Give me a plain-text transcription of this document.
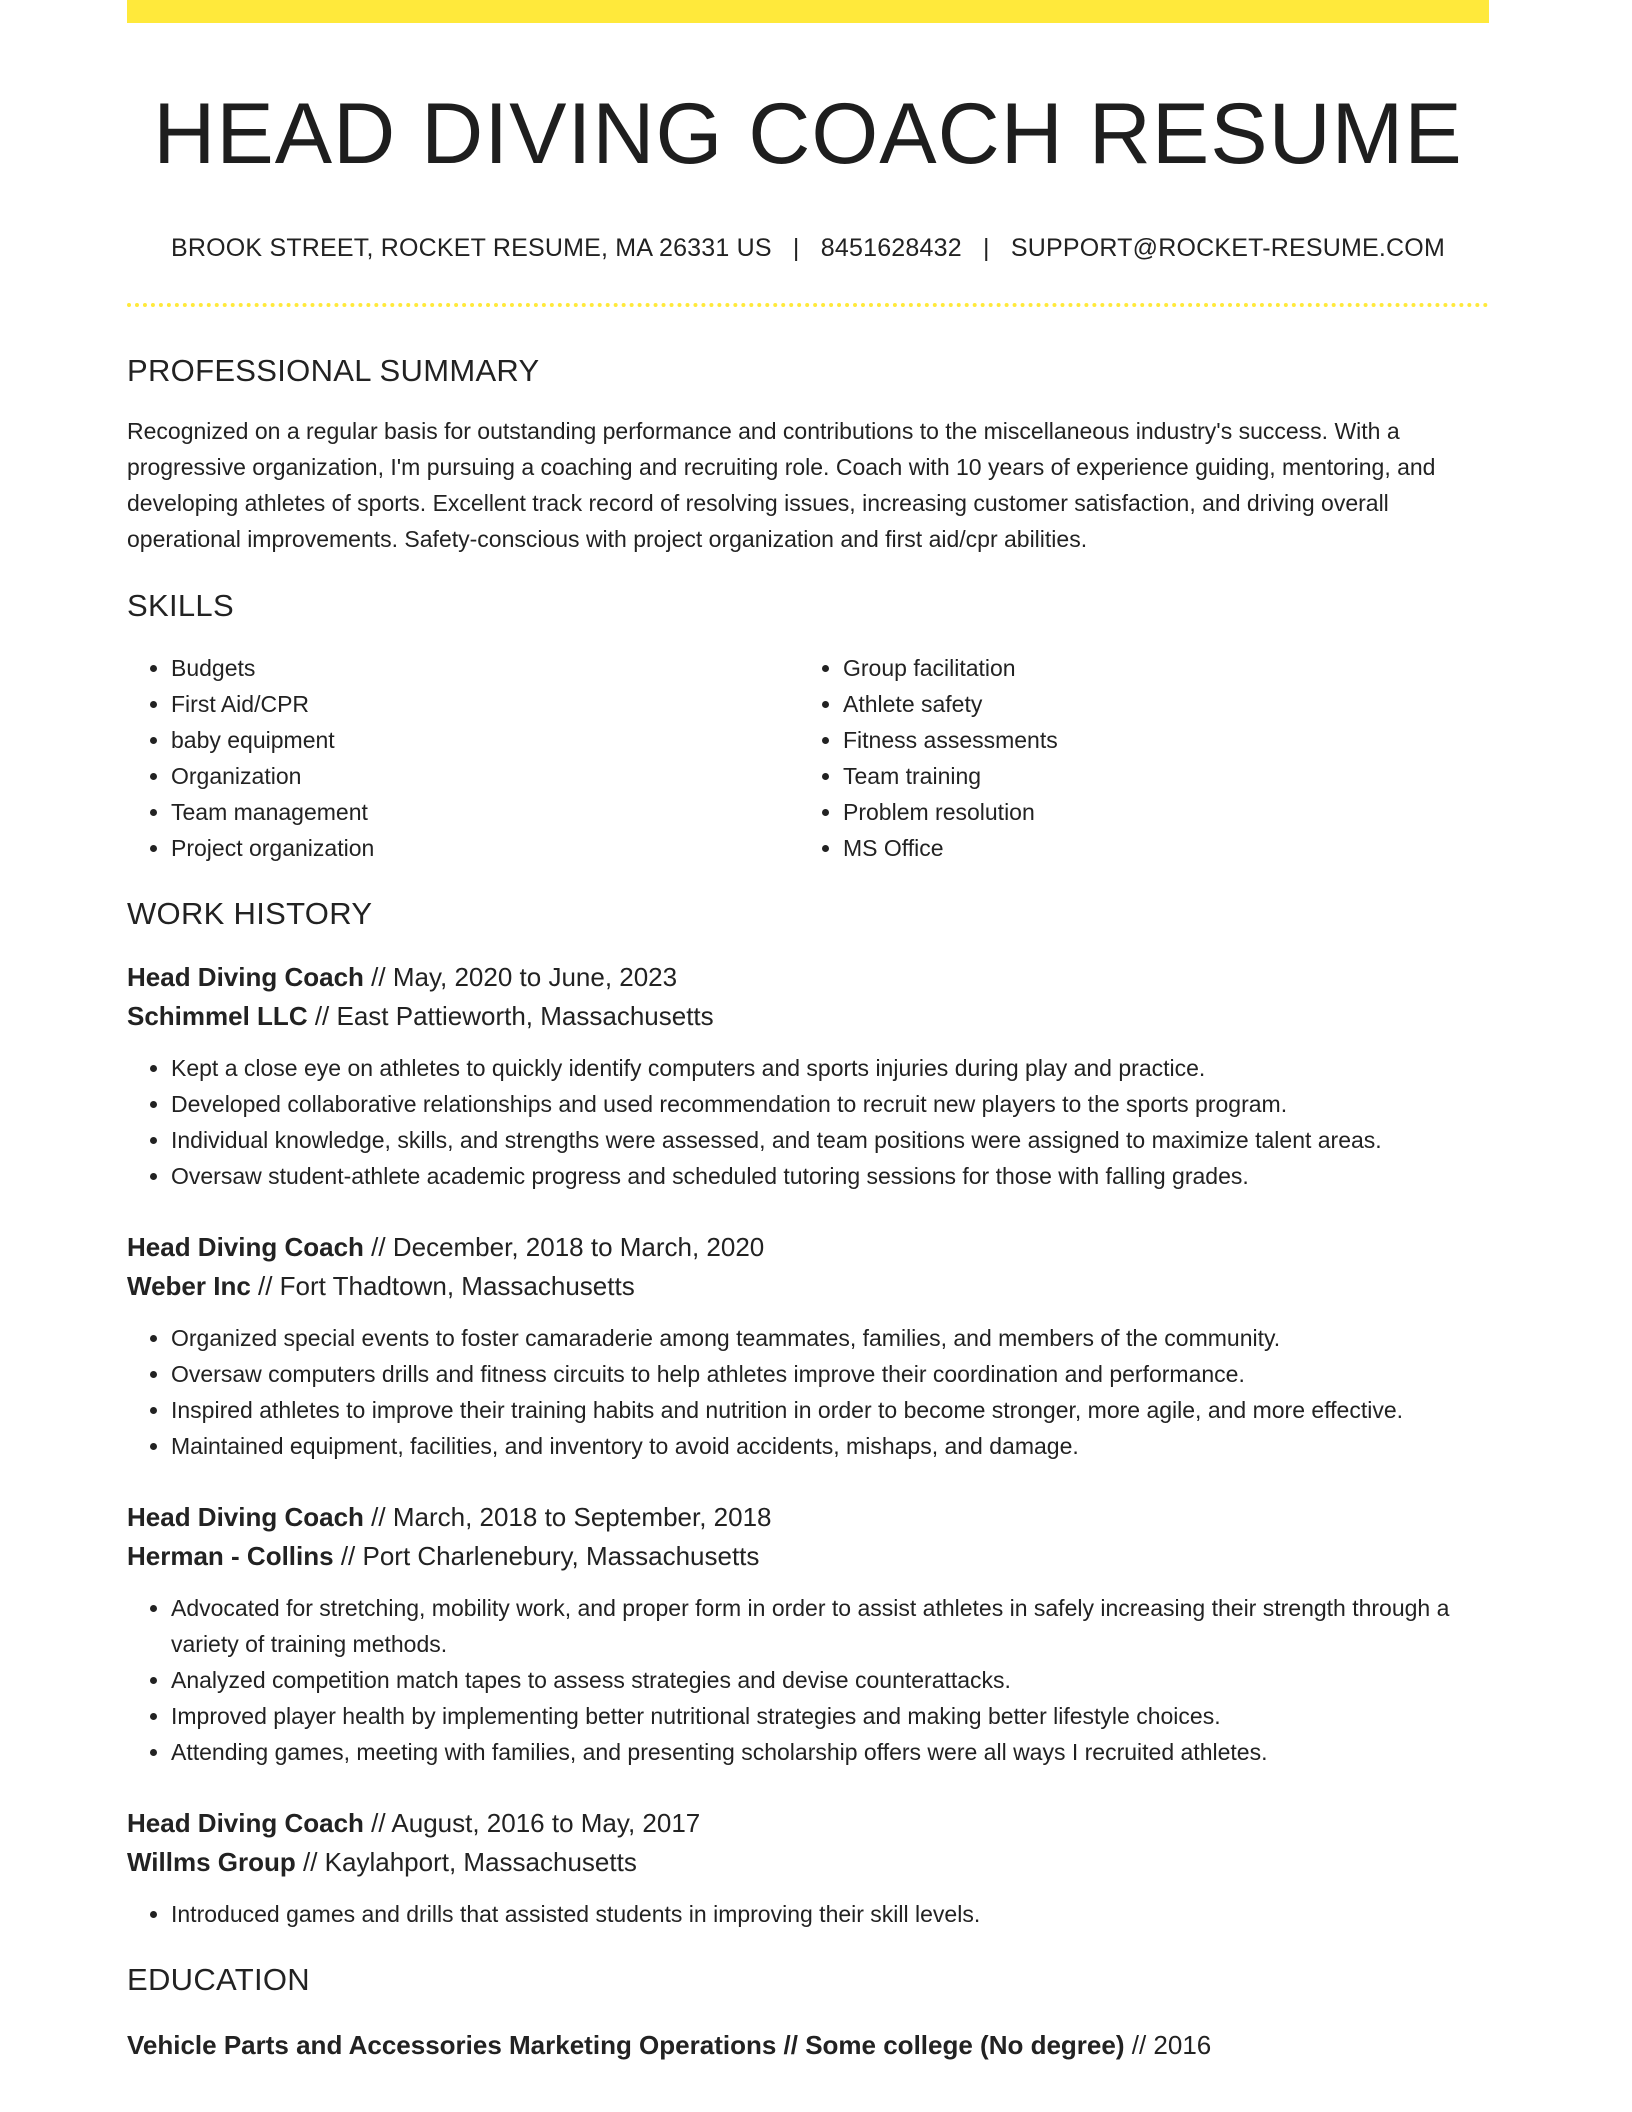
HEAD DIVING COACH RESUME
BROOK STREET, ROCKET RESUME, MA 26331 US | 8451628432 | SUPPORT@ROCKET-RESUME.COM
PROFESSIONAL SUMMARY
Recognized on a regular basis for outstanding performance and contributions to the miscellaneous industry's success. With a progressive organization, I'm pursuing a coaching and recruiting role. Coach with 10 years of experience guiding, mentoring, and developing athletes of sports. Excellent track record of resolving issues, increasing customer satisfaction, and driving overall operational improvements. Safety-conscious with project organization and first aid/cpr abilities.
SKILLS
• Budgets
• First Aid/CPR
• baby equipment
• Organization
• Team management
• Project organization
• Group facilitation
• Athlete safety
• Fitness assessments
• Team training
• Problem resolution
• MS Office
WORK HISTORY
Head Diving Coach // May, 2020 to June, 2023
Schimmel LLC // East Pattieworth, Massachusetts
• Kept a close eye on athletes to quickly identify computers and sports injuries during play and practice.
• Developed collaborative relationships and used recommendation to recruit new players to the sports program.
• Individual knowledge, skills, and strengths were assessed, and team positions were assigned to maximize talent areas.
• Oversaw student-athlete academic progress and scheduled tutoring sessions for those with falling grades.
Head Diving Coach // December, 2018 to March, 2020
Weber Inc // Fort Thadtown, Massachusetts
• Organized special events to foster camaraderie among teammates, families, and members of the community.
• Oversaw computers drills and fitness circuits to help athletes improve their coordination and performance.
• Inspired athletes to improve their training habits and nutrition in order to become stronger, more agile, and more effective.
• Maintained equipment, facilities, and inventory to avoid accidents, mishaps, and damage.
Head Diving Coach // March, 2018 to September, 2018
Herman - Collins // Port Charlenebury, Massachusetts
• Advocated for stretching, mobility work, and proper form in order to assist athletes in safely increasing their strength through a variety of training methods.
• Analyzed competition match tapes to assess strategies and devise counterattacks.
• Improved player health by implementing better nutritional strategies and making better lifestyle choices.
• Attending games, meeting with families, and presenting scholarship offers were all ways I recruited athletes.
Head Diving Coach // August, 2016 to May, 2017
Willms Group // Kaylahport, Massachusetts
• Introduced games and drills that assisted students in improving their skill levels.
EDUCATION
Vehicle Parts and Accessories Marketing Operations // Some college (No degree) // 2016
